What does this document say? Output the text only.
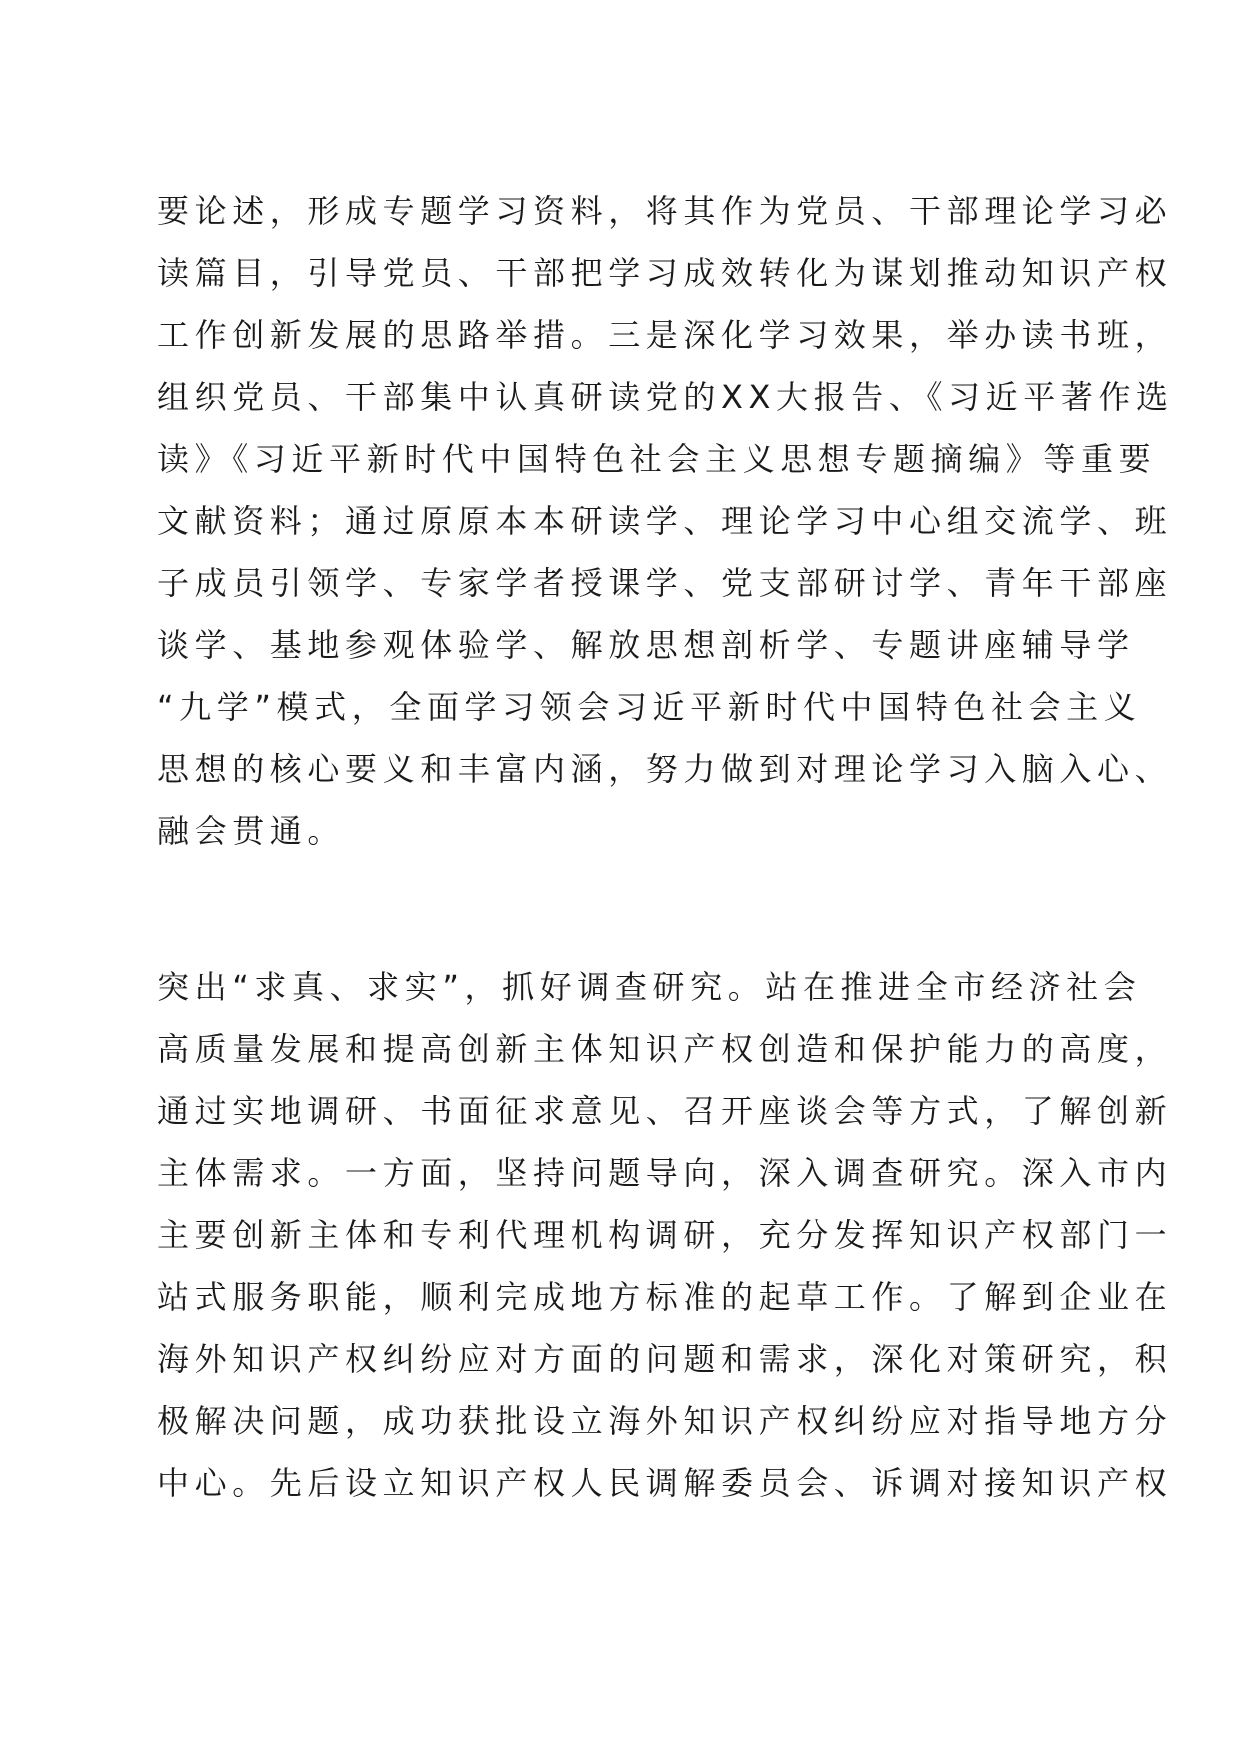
要论述，形成专题学习资料，将其作为党员、干部理论学习必
读篇目，引导党员、干部把学习成效转化为谋划推动知识产权
工作创新发展的思路举措。三是深化学习效果，举办读书班，
组织党员、干部集中认真研读党的XX大报告、《习近平著作选
读》《习近平新时代中国特色社会主义思想专题摘编》等重要
文献资料；通过原原本本研读学、理论学习中心组交流学、班
子成员引领学、专家学者授课学、党支部研讨学、青年干部座
谈学、基地参观体验学、解放思想剖析学、专题讲座辅导学
“九学”模式，全面学习领会习近平新时代中国特色社会主义
思想的核心要义和丰富内涵，努力做到对理论学习入脑入心、
融会贯通。
突出“求真、求实”，抓好调查研究。站在推进全市经济社会
高质量发展和提高创新主体知识产权创造和保护能力的高度，
通过实地调研、书面征求意见、召开座谈会等方式，了解创新
主体需求。一方面，坚持问题导向，深入调查研究。深入市内
主要创新主体和专利代理机构调研，充分发挥知识产权部门一
站式服务职能，顺利完成地方标准的起草工作。了解到企业在
海外知识产权纠纷应对方面的问题和需求，深化对策研究，积
极解决问题，成功获批设立海外知识产权纠纷应对指导地方分
中心。先后设立知识产权人民调解委员会、诉调对接知识产权
